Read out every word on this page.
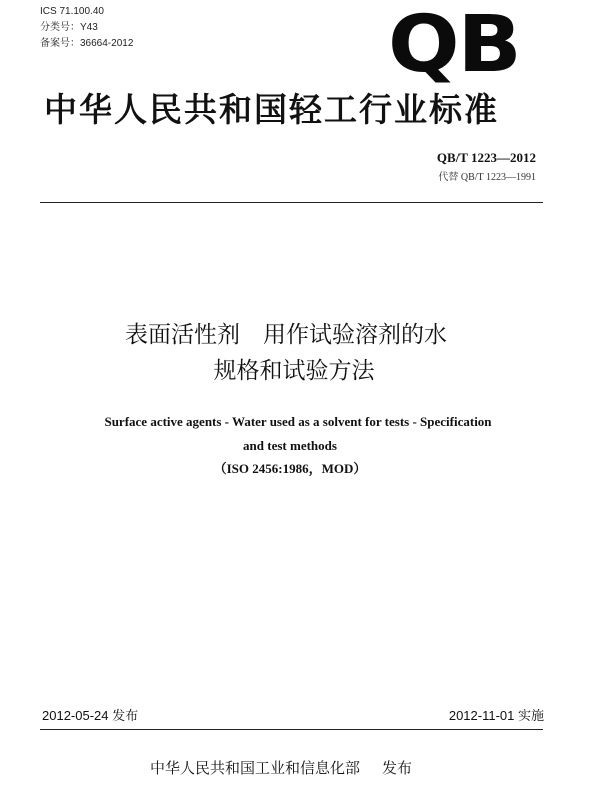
ICS 71.100.40
分类号：Y43
备案号：36664-2012	QB
中华人民共和国轻工行业标准
QB/T 1223—2012
代替 QB/T 1223—1991
表面活性剂　用作试验溶剂的水
规格和试验方法
Surface active agents - Water used as a solvent for tests - Specification
and test methods
（ISO 2456:1986，MOD）
2012-05-24 发布	2012-11-01 实施
中华人民共和国工业和信息化部 发布
